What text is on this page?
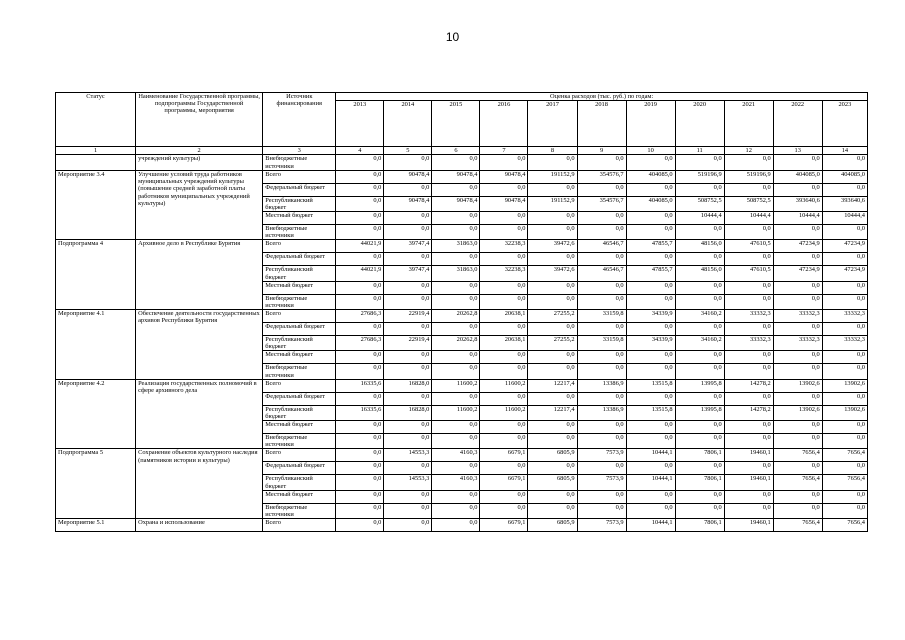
10
Статус	Наименование Государственной программы, подпрограммы Государственной программы, мероприятия	Источник финансирования	Оценка расходов (тыс. руб.) по годам:										
			2013	2014	2015	2016	2017	2018	2019	2020	2021	2022	2023
1	2	3	4	5	6	7	8	9	10	11	12	13	14
	учреждений культуры)	Внебюджетные источники	0,0	0,0	0,0	0,0	0,0	0,0	0,0	0,0	0,0	0,0	0,0
Мероприятие 3.4	Улучшение условий труда работников муниципальных учреждений культуры (повышение средней заработной платы работников муниципальных учреждений культуры)	Всего	0,0	90478,4	90478,4	90478,4	191152,9	354576,7	404085,0	519196,9	519196,9	404085,0	404085,0
		Федеральный бюджет	0,0	0,0	0,0	0,0	0,0	0,0	0,0	0,0	0,0	0,0	0,0
		Республиканский бюджет	0,0	90478,4	90478,4	90478,4	191152,9	354576,7	404085,0	508752,5	508752,5	393640,6	393640,6
		Местный бюджет	0,0	0,0	0,0	0,0	0,0	0,0	0,0	10444,4	10444,4	10444,4	10444,4
		Внебюджетные источники	0,0	0,0	0,0	0,0	0,0	0,0	0,0	0,0	0,0	0,0	0,0
Подпрограмма 4	Архивное дело в Республике Бурятия	Всего	44021,9	39747,4	31863,0	32238,3	39472,6	46546,7	47855,7	48156,0	47610,5	47234,9	47234,9
		Федеральный бюджет	0,0	0,0	0,0	0,0	0,0	0,0	0,0	0,0	0,0	0,0	0,0
		Республиканский бюджет	44021,9	39747,4	31863,0	32238,3	39472,6	46546,7	47855,7	48156,0	47610,5	47234,9	47234,9
		Местный бюджет	0,0	0,0	0,0	0,0	0,0	0,0	0,0	0,0	0,0	0,0	0,0
		Внебюджетные источники	0,0	0,0	0,0	0,0	0,0	0,0	0,0	0,0	0,0	0,0	0,0
Мероприятие 4.1	Обеспечение деятельности государственных архивов Республики Бурятия	Всего	27686,3	22919,4	20262,8	20638,1	27255,2	33159,8	34339,9	34160,2	33332,3	33332,3	33332,3
		Федеральный бюджет	0,0	0,0	0,0	0,0	0,0	0,0	0,0	0,0	0,0	0,0	0,0
		Республиканский бюджет	27686,3	22919,4	20262,8	20638,1	27255,2	33159,8	34339,9	34160,2	33332,3	33332,3	33332,3
		Местный бюджет	0,0	0,0	0,0	0,0	0,0	0,0	0,0	0,0	0,0	0,0	0,0
		Внебюджетные источники	0,0	0,0	0,0	0,0	0,0	0,0	0,0	0,0	0,0	0,0	0,0
Мероприятие 4.2	Реализация государственных полномочий в сфере архивного дела	Всего	16335,6	16828,0	11600,2	11600,2	12217,4	13386,9	13515,8	13995,8	14278,2	13902,6	13902,6
		Федеральный бюджет	0,0	0,0	0,0	0,0	0,0	0,0	0,0	0,0	0,0	0,0	0,0
		Республиканский бюджет	16335,6	16828,0	11600,2	11600,2	12217,4	13386,9	13515,8	13995,8	14278,2	13902,6	13902,6
		Местный бюджет	0,0	0,0	0,0	0,0	0,0	0,0	0,0	0,0	0,0	0,0	0,0
		Внебюджетные источники	0,0	0,0	0,0	0,0	0,0	0,0	0,0	0,0	0,0	0,0	0,0
Подпрограмма 5	Сохранение объектов культурного наследия (памятников истории и культуры)	Всего	0,0	14553,3	4160,3	6679,1	6805,9	7573,9	10444,1	7806,1	19460,1	7656,4	7656,4
		Федеральный бюджет	0,0	0,0	0,0	0,0	0,0	0,0	0,0	0,0	0,0	0,0	0,0
		Республиканский бюджет	0,0	14553,3	4160,3	6679,1	6805,9	7573,9	10444,1	7806,1	19460,1	7656,4	7656,4
		Местный бюджет	0,0	0,0	0,0	0,0	0,0	0,0	0,0	0,0	0,0	0,0	0,0
		Внебюджетные источники	0,0	0,0	0,0	0,0	0,0	0,0	0,0	0,0	0,0	0,0	0,0
Мероприятие 5.1	Охрана и использование	Всего	0,0	0,0	0,0	6679,1	6805,9	7573,9	10444,1	7806,1	19460,1	7656,4	7656,4
